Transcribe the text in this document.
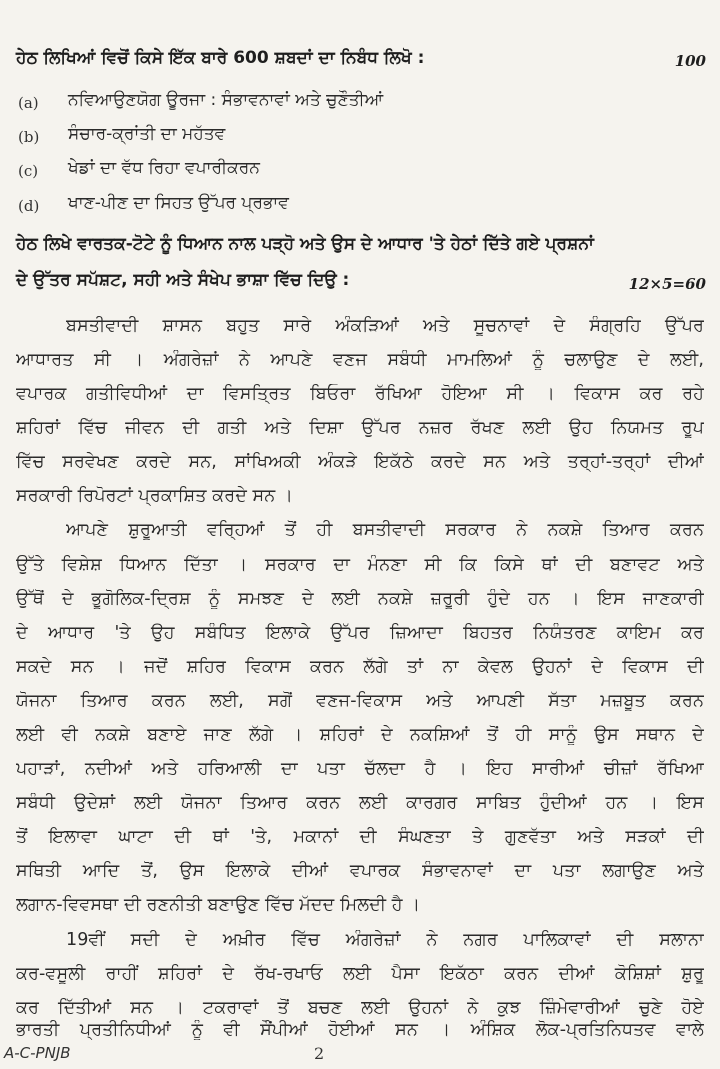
ਹੇਠ ਲਿਖਿਆਂ ਵਿਚੋਂ ਕਿਸੇ ਇੱਕ ਬਾਰੇ 600 ਸ਼ਬਦਾਂ ਦਾ ਨਿਬੰਧ ਲਿਖੋ :	100
(a) ਨਵਿਆਉਣਯੋਗ ਊਰਜਾ : ਸੰਭਾਵਨਾਵਾਂ ਅਤੇ ਚੁਣੌਤੀਆਂ
(b) ਸੰਚਾਰ-ਕ੍ਰਾਂਤੀ ਦਾ ਮਹੱਤਵ
(c) ਖੇਡਾਂ ਦਾ ਵੱਧ ਰਿਹਾ ਵਪਾਰੀਕਰਨ
(d) ਖਾਣ-ਪੀਣ ਦਾ ਸਿਹਤ ਉੱਪਰ ਪ੍ਰਭਾਵ
ਹੇਠ ਲਿਖੇ ਵਾਰਤਕ-ਟੋਟੇ ਨੂੰ ਧਿਆਨ ਨਾਲ ਪੜ੍ਹੋ ਅਤੇ ਉਸ ਦੇ ਆਧਾਰ 'ਤੇ ਹੇਠਾਂ ਦਿੱਤੇ ਗਏ ਪ੍ਰਸ਼ਨਾਂ
ਦੇ ਉੱਤਰ ਸਪੱਸ਼ਟ, ਸਹੀ ਅਤੇ ਸੰਖੇਪ ਭਾਸ਼ਾ ਵਿੱਚ ਦਿਉ :	12×5=60
ਬਸਤੀਵਾਦੀ ਸ਼ਾਸਨ ਬਹੁਤ ਸਾਰੇ ਅੰਕੜਿਆਂ ਅਤੇ ਸੂਚਨਾਵਾਂ ਦੇ ਸੰਗ੍ਰਹਿ ਉੱਪਰ
ਆਧਾਰਤ ਸੀ । ਅੰਗਰੇਜ਼ਾਂ ਨੇ ਆਪਣੇ ਵਣਜ ਸਬੰਧੀ ਮਾਮਲਿਆਂ ਨੂੰ ਚਲਾਉਣ ਦੇ ਲਈ,
ਵਪਾਰਕ ਗਤੀਵਿਧੀਆਂ ਦਾ ਵਿਸਤ੍ਰਿਤ ਬਿਓਰਾ ਰੱਖਿਆ ਹੋਇਆ ਸੀ । ਵਿਕਾਸ ਕਰ ਰਹੇ
ਸ਼ਹਿਰਾਂ ਵਿੱਚ ਜੀਵਨ ਦੀ ਗਤੀ ਅਤੇ ਦਿਸ਼ਾ ਉੱਪਰ ਨਜ਼ਰ ਰੱਖਣ ਲਈ ਉਹ ਨਿਯਮਤ ਰੂਪ
ਵਿੱਚ ਸਰਵੇਖਣ ਕਰਦੇ ਸਨ, ਸਾਂਖਿਅਕੀ ਅੰਕੜੇ ਇਕੱਠੇ ਕਰਦੇ ਸਨ ਅਤੇ ਤਰ੍ਹਾਂ-ਤਰ੍ਹਾਂ ਦੀਆਂ
ਸਰਕਾਰੀ ਰਿਪੋਰਟਾਂ ਪ੍ਰਕਾਸ਼ਿਤ ਕਰਦੇ ਸਨ ।
ਆਪਣੇ ਸ਼ੁਰੂਆਤੀ ਵਰ੍ਹਿਆਂ ਤੋਂ ਹੀ ਬਸਤੀਵਾਦੀ ਸਰਕਾਰ ਨੇ ਨਕਸ਼ੇ ਤਿਆਰ ਕਰਨ
ਉੱਤੇ ਵਿਸ਼ੇਸ਼ ਧਿਆਨ ਦਿੱਤਾ । ਸਰਕਾਰ ਦਾ ਮੰਨਣਾ ਸੀ ਕਿ ਕਿਸੇ ਥਾਂ ਦੀ ਬਣਾਵਟ ਅਤੇ
ਉੱਥੋਂ ਦੇ ਭੂਗੋਲਿਕ-ਦ੍ਰਿਸ਼ ਨੂੰ ਸਮਝਣ ਦੇ ਲਈ ਨਕਸ਼ੇ ਜ਼ਰੂਰੀ ਹੁੰਦੇ ਹਨ । ਇਸ ਜਾਣਕਾਰੀ
ਦੇ ਆਧਾਰ 'ਤੇ ਉਹ ਸਬੰਧਿਤ ਇਲਾਕੇ ਉੱਪਰ ਜ਼ਿਆਦਾ ਬਿਹਤਰ ਨਿਯੰਤਰਣ ਕਾਇਮ ਕਰ
ਸਕਦੇ ਸਨ । ਜਦੋਂ ਸ਼ਹਿਰ ਵਿਕਾਸ ਕਰਨ ਲੱਗੇ ਤਾਂ ਨਾ ਕੇਵਲ ਉਹਨਾਂ ਦੇ ਵਿਕਾਸ ਦੀ
ਯੋਜਨਾ ਤਿਆਰ ਕਰਨ ਲਈ, ਸਗੋਂ ਵਣਜ-ਵਿਕਾਸ ਅਤੇ ਆਪਣੀ ਸੱਤਾ ਮਜ਼ਬੂਤ ਕਰਨ
ਲਈ ਵੀ ਨਕਸ਼ੇ ਬਣਾਏ ਜਾਣ ਲੱਗੇ । ਸ਼ਹਿਰਾਂ ਦੇ ਨਕਸ਼ਿਆਂ ਤੋਂ ਹੀ ਸਾਨੂੰ ਉਸ ਸਥਾਨ ਦੇ
ਪਹਾੜਾਂ, ਨਦੀਆਂ ਅਤੇ ਹਰਿਆਲੀ ਦਾ ਪਤਾ ਚੱਲਦਾ ਹੈ । ਇਹ ਸਾਰੀਆਂ ਚੀਜ਼ਾਂ ਰੱਖਿਆ
ਸਬੰਧੀ ਉਦੇਸ਼ਾਂ ਲਈ ਯੋਜਨਾ ਤਿਆਰ ਕਰਨ ਲਈ ਕਾਰਗਰ ਸਾਬਿਤ ਹੁੰਦੀਆਂ ਹਨ । ਇਸ
ਤੋਂ ਇਲਾਵਾ ਘਾਟਾ ਦੀ ਥਾਂ 'ਤੇ, ਮਕਾਨਾਂ ਦੀ ਸੰਘਣਤਾ ਤੇ ਗੁਣਵੱਤਾ ਅਤੇ ਸੜਕਾਂ ਦੀ
ਸਥਿਤੀ ਆਦਿ ਤੋਂ, ਉਸ ਇਲਾਕੇ ਦੀਆਂ ਵਪਾਰਕ ਸੰਭਾਵਨਾਵਾਂ ਦਾ ਪਤਾ ਲਗਾਉਣ ਅਤੇ
ਲਗਾਨ-ਵਿਵਸਥਾ ਦੀ ਰਣਨੀਤੀ ਬਣਾਉਣ ਵਿੱਚ ਮੱਦਦ ਮਿਲਦੀ ਹੈ ।
19ਵੀਂ ਸਦੀ ਦੇ ਅਖ਼ੀਰ ਵਿੱਚ ਅੰਗਰੇਜ਼ਾਂ ਨੇ ਨਗਰ ਪਾਲਿਕਾਵਾਂ ਦੀ ਸਲਾਨਾ
ਕਰ-ਵਸੂਲੀ ਰਾਹੀਂ ਸ਼ਹਿਰਾਂ ਦੇ ਰੱਖ-ਰਖਾਓ ਲਈ ਪੈਸਾ ਇਕੱਠਾ ਕਰਨ ਦੀਆਂ ਕੋਸ਼ਿਸ਼ਾਂ ਸ਼ੁਰੂ
ਕਰ ਦਿੱਤੀਆਂ ਸਨ । ਟਕਰਾਵਾਂ ਤੋਂ ਬਚਣ ਲਈ ਉਹਨਾਂ ਨੇ ਕੁਝ ਜ਼ਿੰਮੇਵਾਰੀਆਂ ਚੁਣੇ ਹੋਏ
ਭਾਰਤੀ ਪ੍ਰਤੀਨਿਧੀਆਂ ਨੂੰ ਵੀ ਸੌਂਪੀਆਂ ਹੋਈਆਂ ਸਨ । ਅੰਸ਼ਿਕ ਲੋਕ-ਪ੍ਰਤਿਨਿਧਤਵ ਵਾਲੇ
A-C-PNJB	2
